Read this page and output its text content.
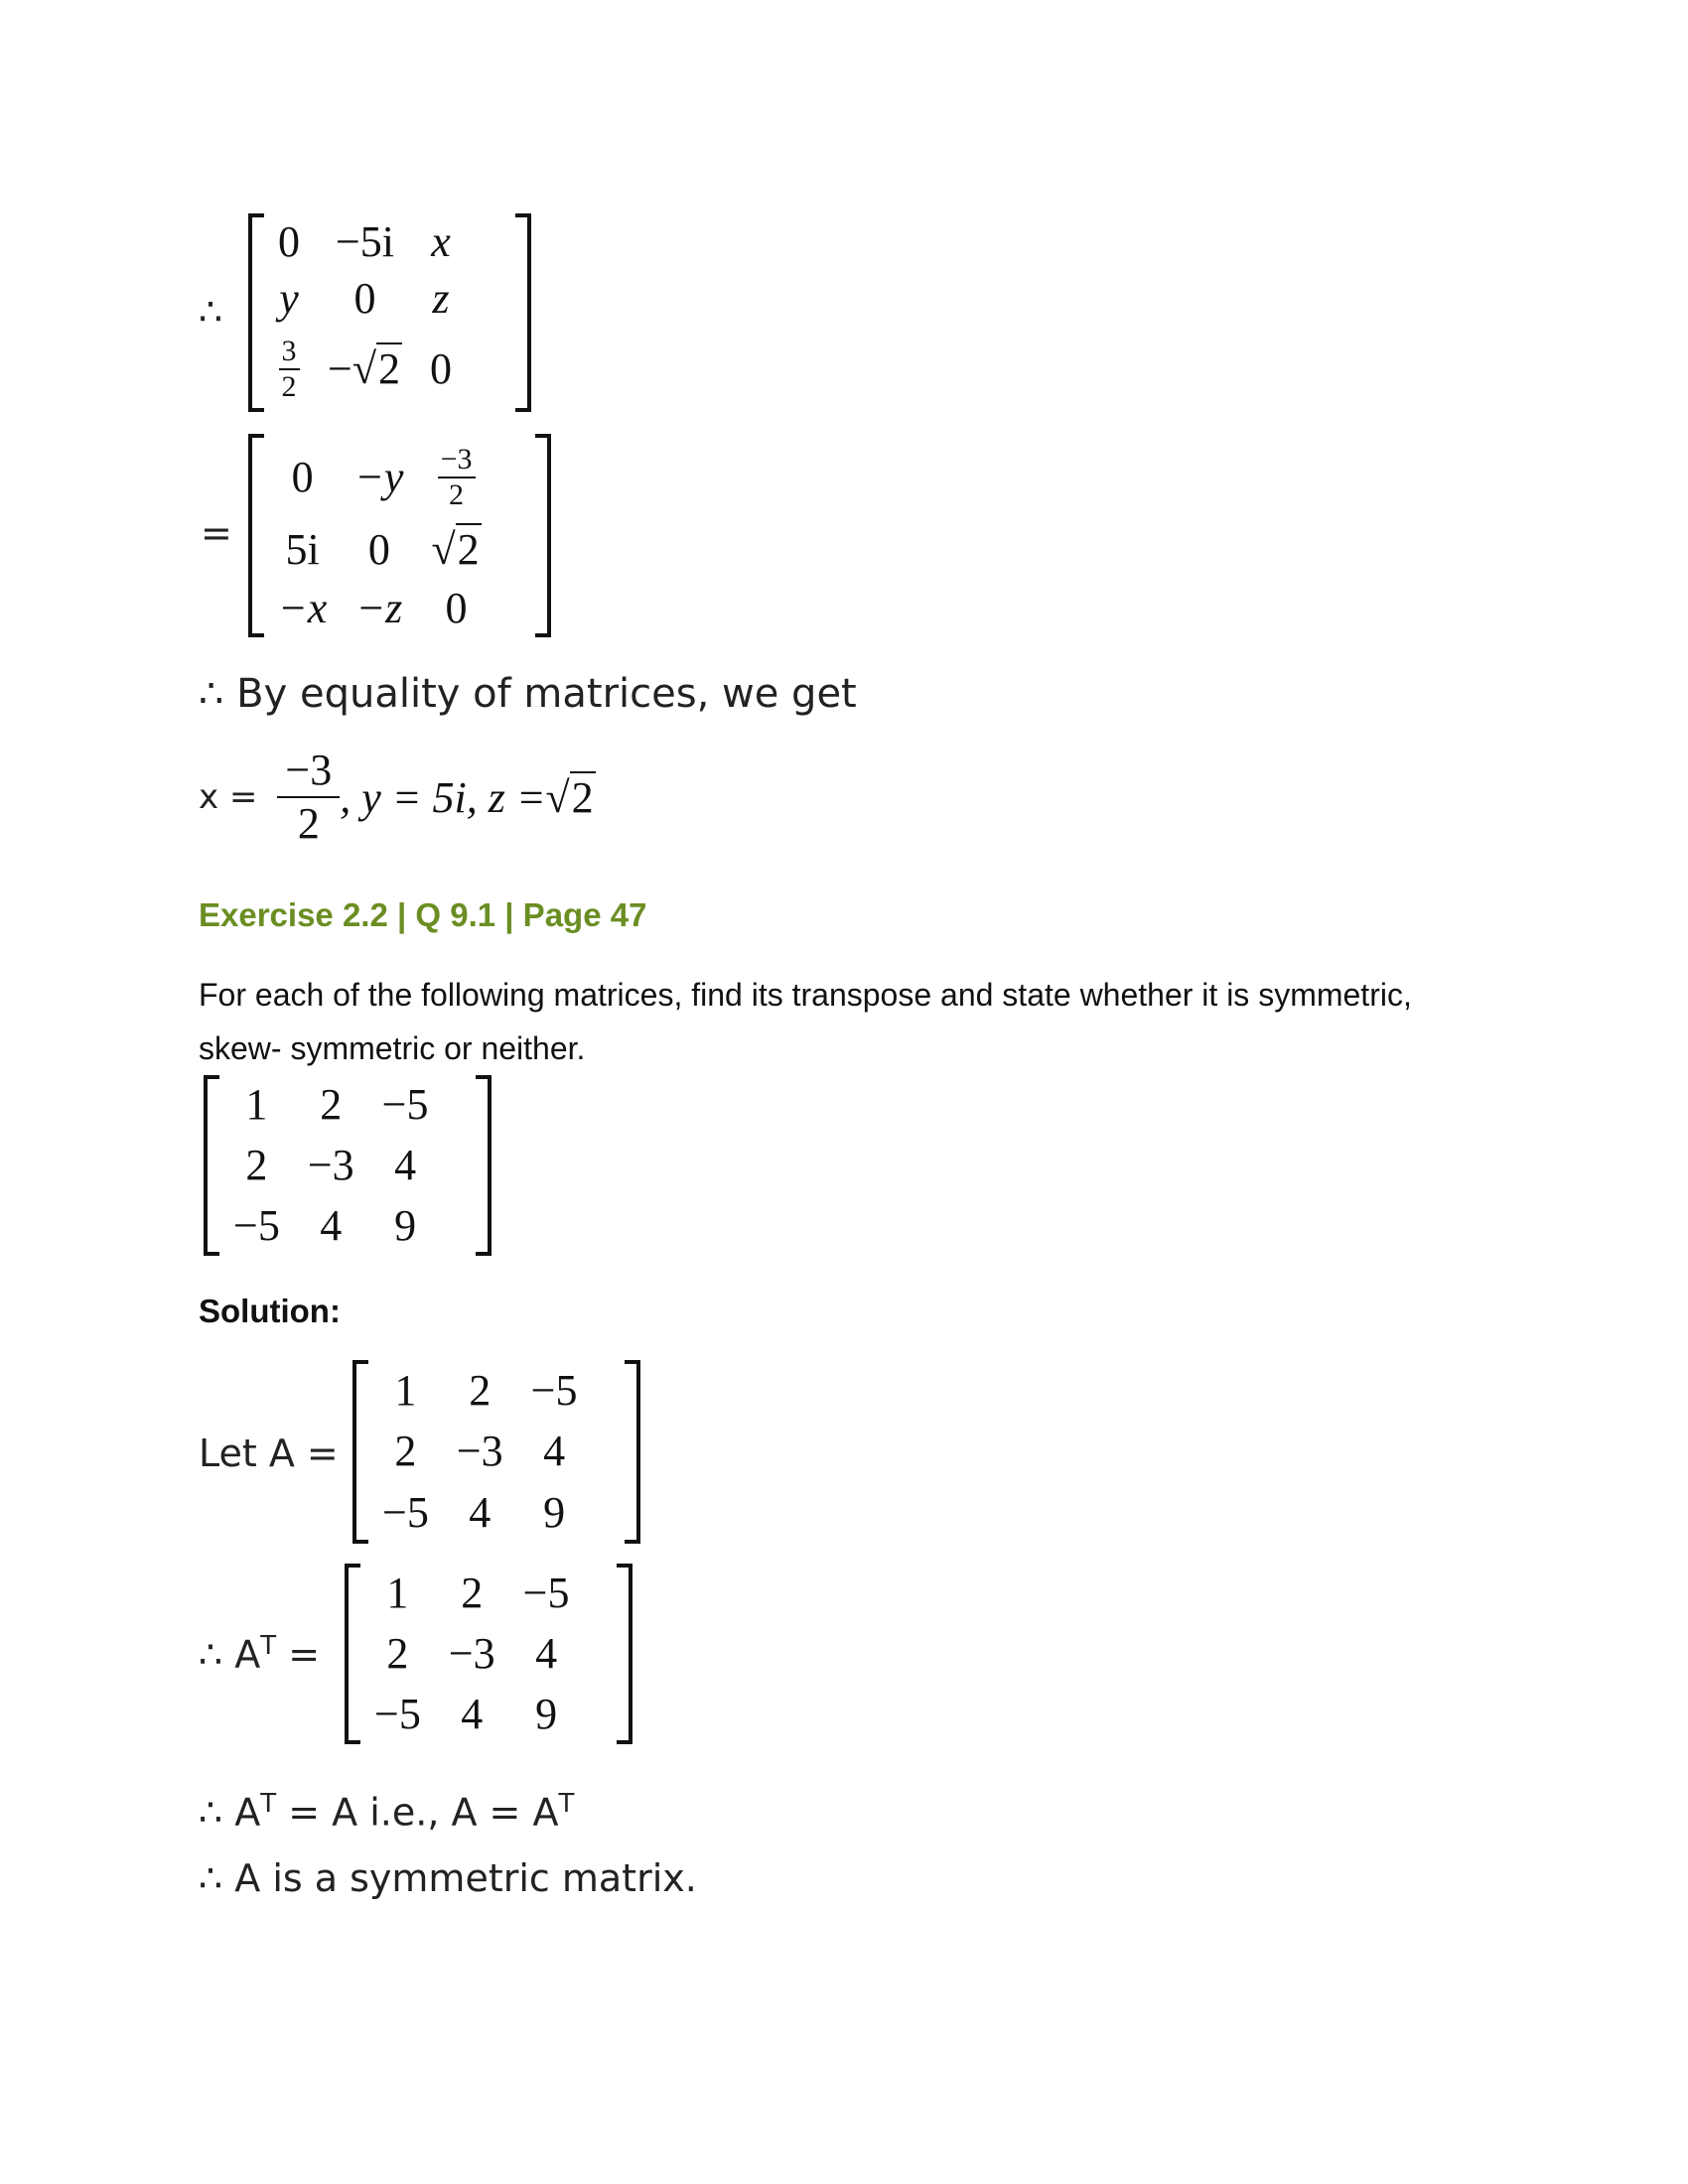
∴
0	−5i	x
y	0	z

$\frac{3}{2}$	−√2	0
=
0	−y	$\frac{-3}{2}$

5i	0	√2
−x	−z	0
∴ By equality of matrices, we get
$x = \frac{-3}{2}$ , y = 5i, z = √2
Exercise 2.2 | Q 9.1 | Page 47
For each of the following matrices, find its transpose and state whether it is symmetric, skew- symmetric or neither.
1	2	−5
2	−3	4
−5	4	9
Solution:
Let A =
1	2	−5
2	−3	4
−5	4	9
∴ $A^T$ =
1	2	−5
2	−3	4
−5	4	9
∴ $A^T = A$ i.e., $A = A^T$
∴ A is a symmetric matrix.
